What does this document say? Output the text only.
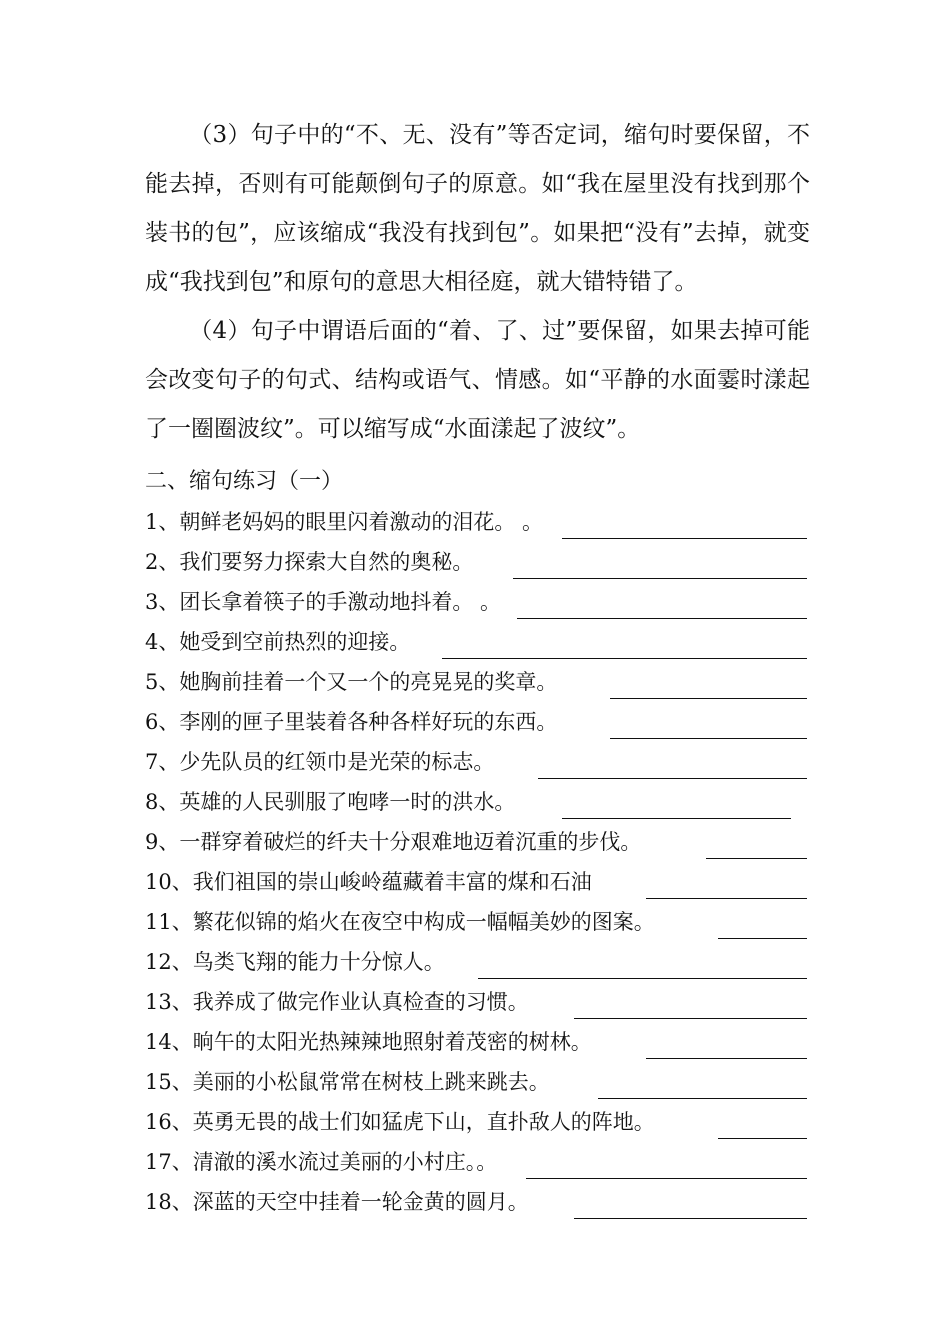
（3）句子中的“不、无、没有”等否定词，缩句时要保留，不能去掉，否则有可能颠倒句子的原意。如“我在屋里没有找到那个装书的包”，应该缩成“我没有找到包”。如果把“没有”去掉，就变成“我找到包”和原句的意思大相径庭，就大错特错了。

（4）句子中谓语后面的“着、了、过”要保留，如果去掉可能会改变句子的句式、结构或语气、情感。如“平静的水面霎时漾起了一圈圈波纹”。可以缩写成“水面漾起了波纹”。

二、缩句练习（一）

1、朝鲜老妈妈的眼里闪着激动的泪花。 。
2、我们要努力探索大自然的奥秘。
3、团长拿着筷子的手激动地抖着。 。
4、她受到空前热烈的迎接。
5、她胸前挂着一个又一个的亮晃晃的奖章。
6、李刚的匣子里装着各种各样好玩的东西。
7、少先队员的红领巾是光荣的标志。
8、英雄的人民驯服了咆哮一时的洪水。
9、一群穿着破烂的纤夫十分艰难地迈着沉重的步伐。
10、我们祖国的崇山峻岭蕴藏着丰富的煤和石油
11、繁花似锦的焰火在夜空中构成一幅幅美妙的图案。
12、鸟类飞翔的能力十分惊人。
13、我养成了做完作业认真检查的习惯。
14、晌午的太阳光热辣辣地照射着茂密的树林。
15、美丽的小松鼠常常在树枝上跳来跳去。
16、英勇无畏的战士们如猛虎下山，直扑敌人的阵地。
17、清澈的溪水流过美丽的小村庄。。
18、深蓝的天空中挂着一轮金黄的圆月。
